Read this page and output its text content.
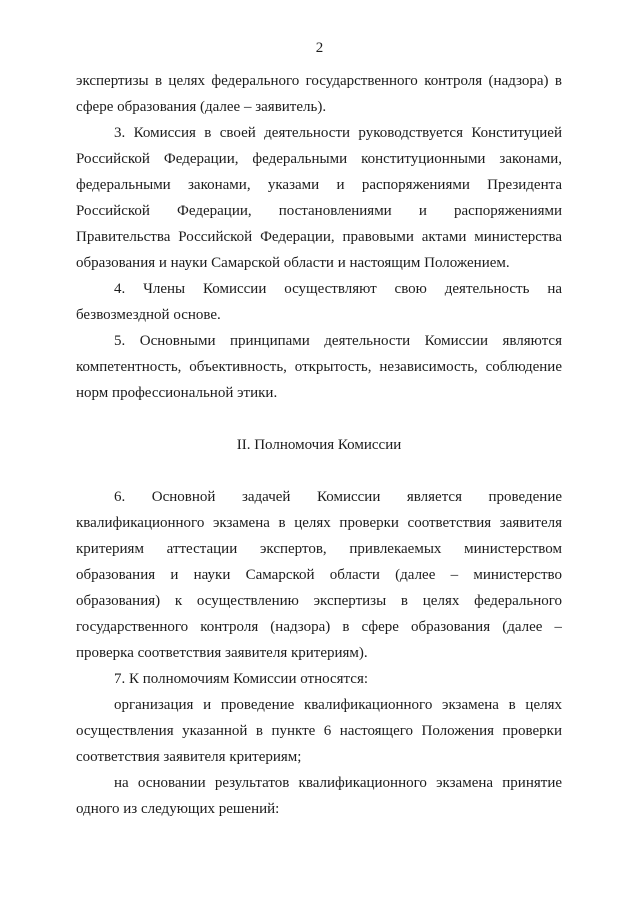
2
экспертизы в целях федерального государственного контроля (надзора) в
сфере образования (далее – заявитель).
3. Комиссия в своей деятельности руководствуется Конституцией
Российской Федерации, федеральными конституционными законами,
федеральными законами, указами и распоряжениями Президента
Российской Федерации, постановлениями и распоряжениями
Правительства Российской Федерации, правовыми актами министерства
образования и науки Самарской области и настоящим Положением.
4. Члены Комиссии осуществляют свою деятельность на
безвозмездной основе.
5. Основными принципами деятельности Комиссии являются
компетентность, объективность, открытость, независимость, соблюдение
норм профессиональной этики.
II. Полномочия Комиссии
6. Основной задачей Комиссии является проведение
квалификационного экзамена в целях проверки соответствия заявителя
критериям аттестации экспертов, привлекаемых министерством
образования и науки Самарской области (далее – министерство
образования) к осуществлению экспертизы в целях федерального
государственного контроля (надзора) в сфере образования (далее –
проверка соответствия заявителя критериям).
7. К полномочиям Комиссии относятся:
организация и проведение квалификационного экзамена в целях
осуществления указанной в пункте 6 настоящего Положения проверки
соответствия заявителя критериям;
на основании результатов квалификационного экзамена принятие
одного из следующих решений:
